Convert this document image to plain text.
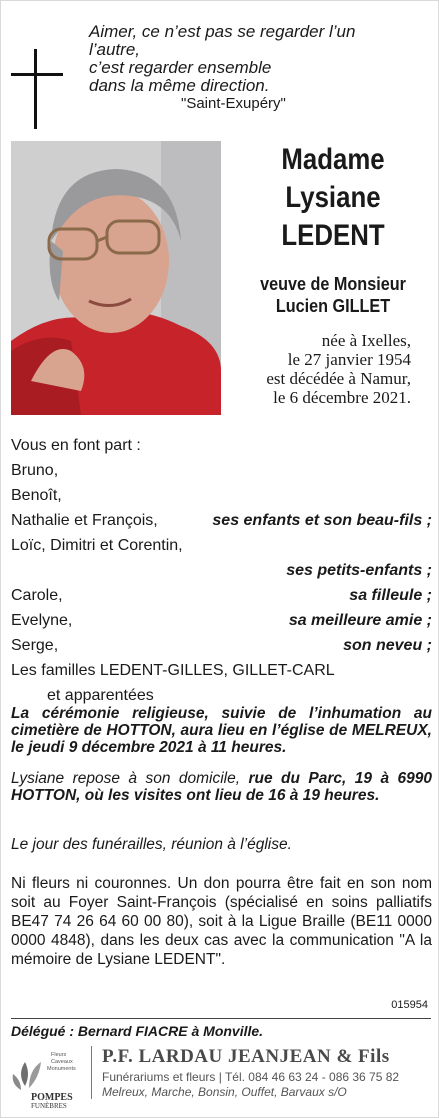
Aimer, ce n’est pas se regarder l’un
l’autre,
c’est regarder ensemble
dans la même direction.
"Saint-Exupéry"
Madame
Lysiane
LEDENT
veuve de Monsieur
Lucien GILLET
née à Ixelles,
le 27 janvier 1954
est décédée à Namur,
le 6 décembre 2021.
Vous en font part :
Bruno,
Benoît,
Nathalie et François,	ses enfants et son beau-fils ;
Loïc, Dimitri et Corentin,
ses petits-enfants ;
Carole,	sa filleule ;
Evelyne,	sa meilleure amie ;
Serge,	son neveu ;
Les familles LEDENT-GILLES, GILLET-CARL
et apparentées
La cérémonie religieuse, suivie de l’inhumation au cimetière de HOTTON, aura lieu en l’église de MELREUX, le jeudi 9 décembre 2021 à 11 heures.
Lysiane repose à son domicile, rue du Parc, 19 à 6990 HOTTON, où les visites ont lieu de 16 à 19 heures.
Le jour des funérailles, réunion à l’église.
Ni fleurs ni couronnes. Un don pourra être fait en son nom soit au Foyer Saint-François (spécialisé en soins palliatifs BE47 74 26 64 60 00 80), soit à la Ligue Braille (BE11 0000 0000 4848), dans les deux cas avec la communication "A la mémoire de Lysiane LEDENT".
015954
Délégué : Bernard FIACRE à Monville.
Fleurs
Caveaux
Monuments
POMPES
FUNÈBRES
P.F. LARDAU JEANJEAN & Fils
Funérariums et fleurs | Tél. 084 46 63 24 - 086 36 75 82
Melreux, Marche, Bonsin, Ouffet, Barvaux s/O
